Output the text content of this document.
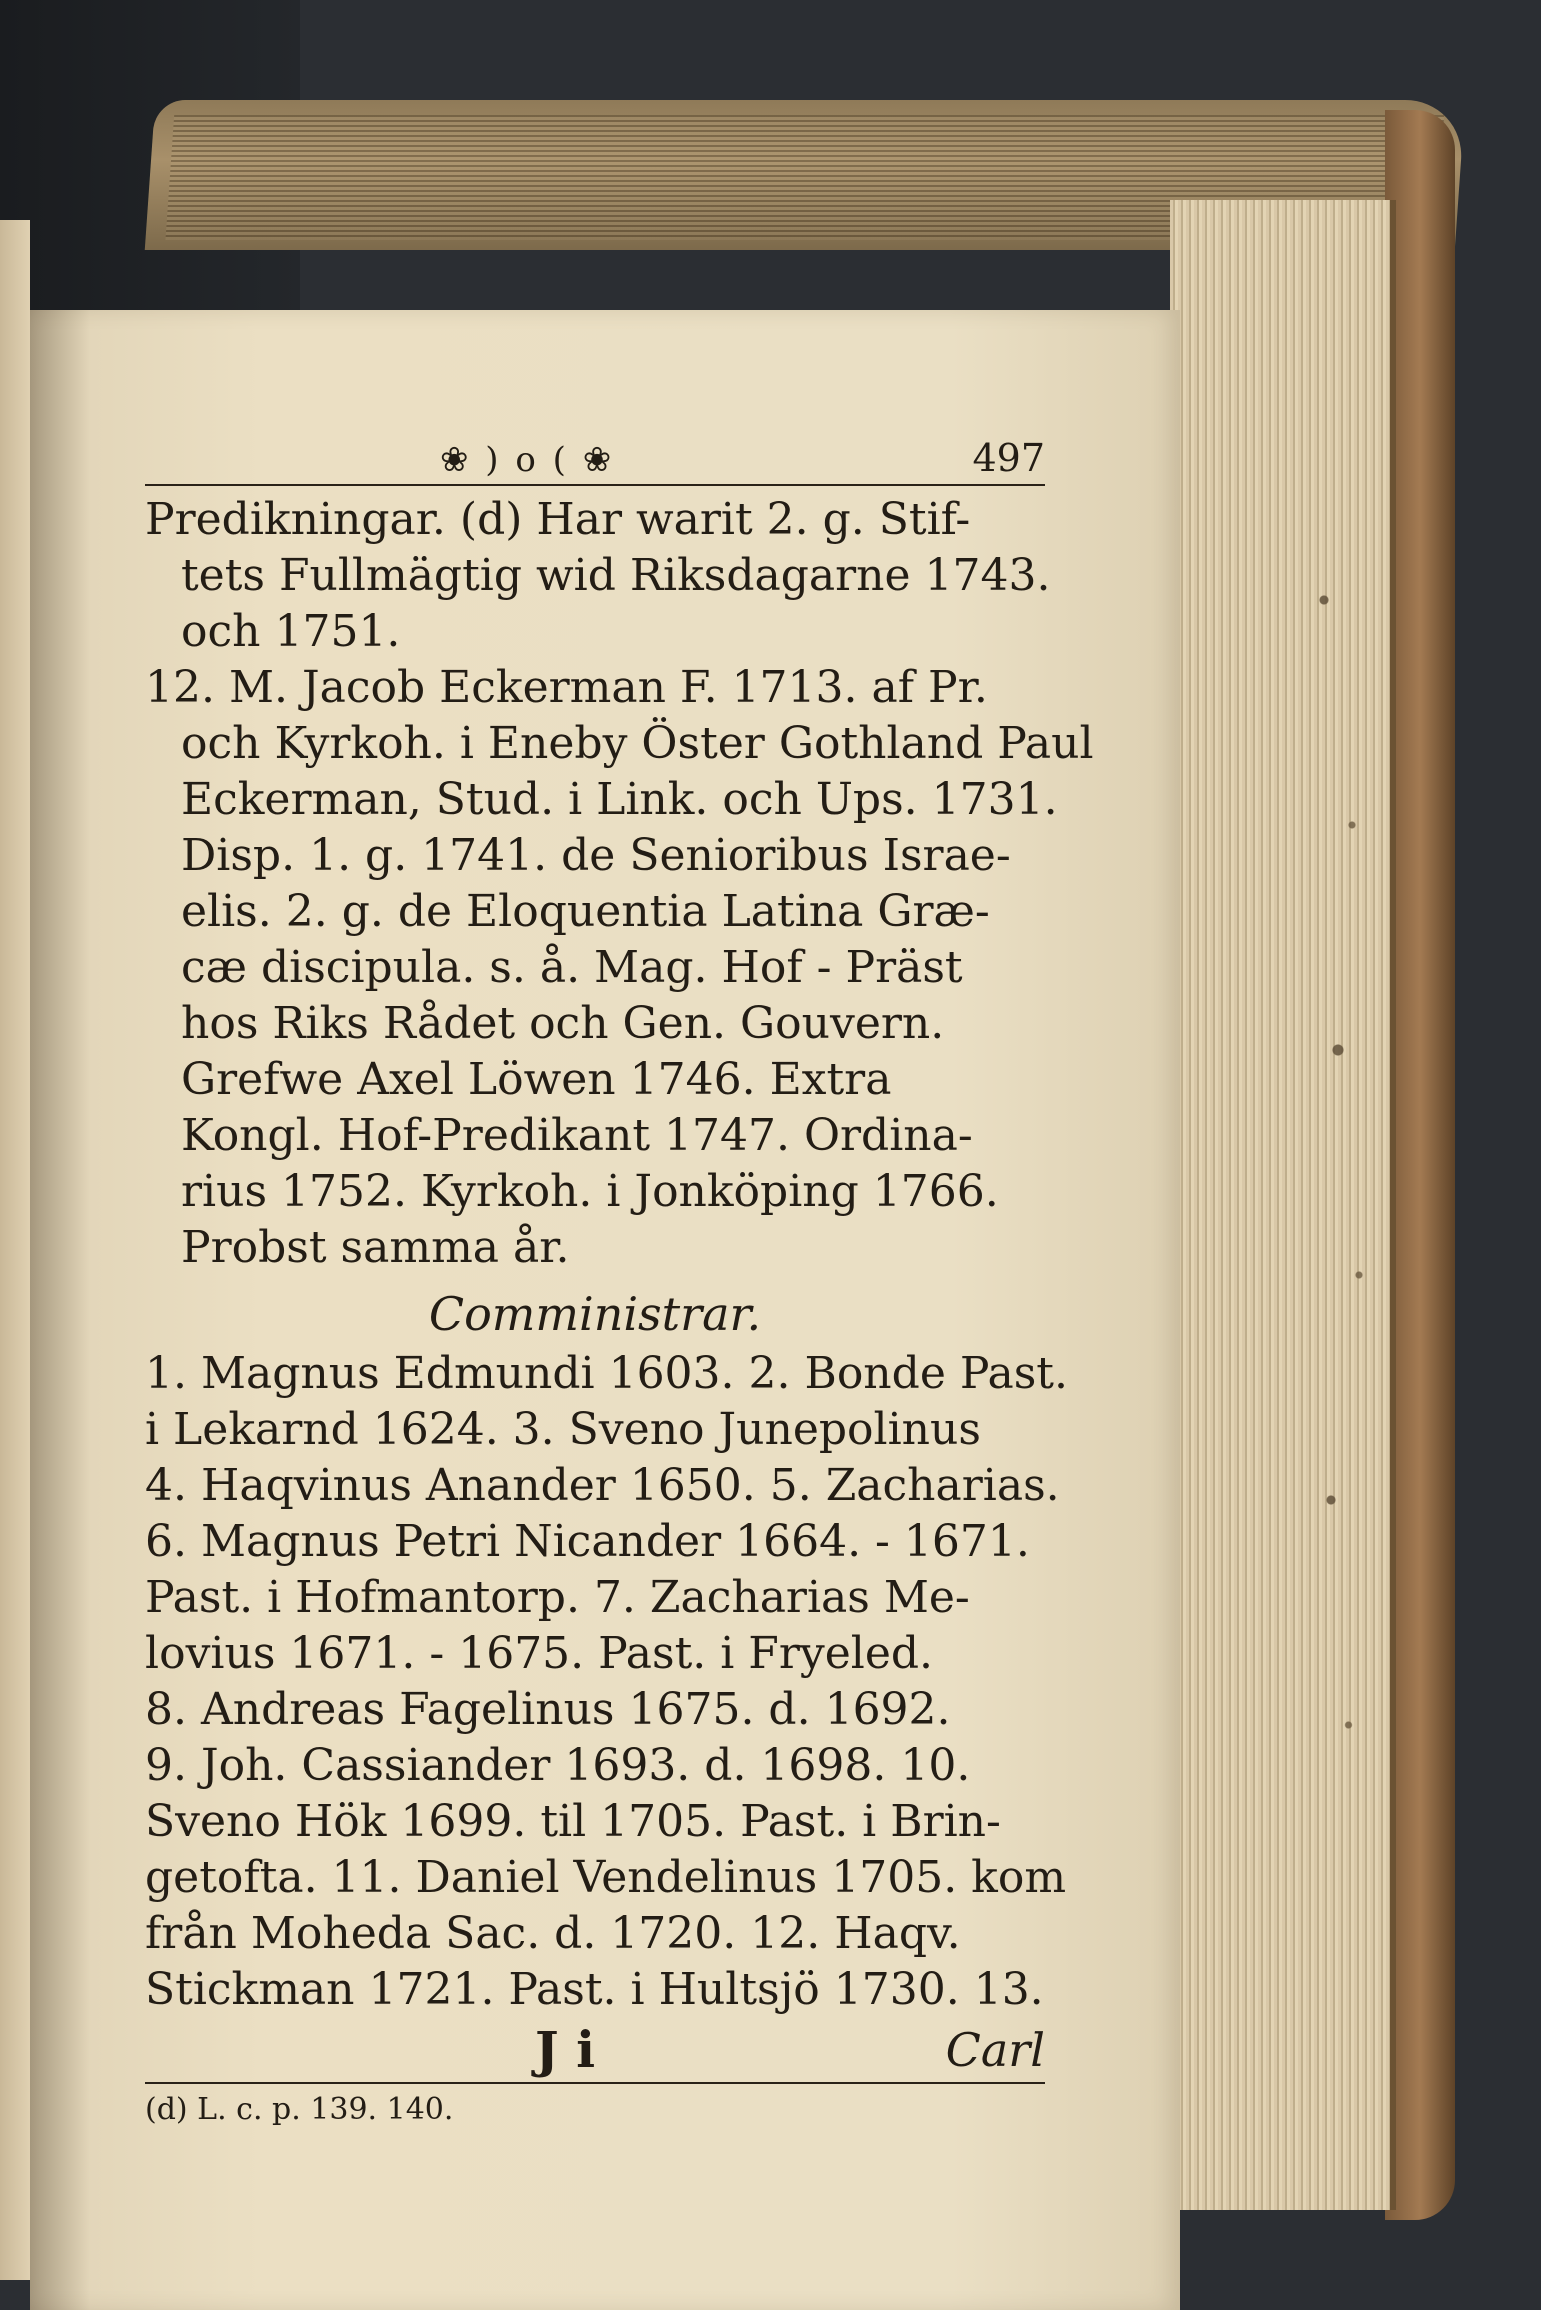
❀ ) o ( ❀	497
Predikningar. (d) Har warit 2. g. Stif-
tets Fullmägtig wid Riksdagarne 1743.
och 1751.
12. M. Jacob Eckerman F. 1713. af Pr.
och Kyrkoh. i Eneby Öster Gothland Paul
Eckerman, Stud. i Link. och Ups. 1731.
Disp. 1. g. 1741. de Senioribus Israe-
elis. 2. g. de Eloquentia Latina Græ-
cæ discipula. s. å. Mag. Hof - Präst
hos Riks Rådet och Gen. Gouvern.
Grefwe Axel Löwen 1746. Extra
Kongl. Hof-Predikant 1747. Ordina-
rius 1752. Kyrkoh. i Jonköping 1766.
Probst samma år.
Comministrar.
1. Magnus Edmundi 1603. 2. Bonde Past.
i Lekarnd 1624. 3. Sveno Junepolinus
4. Haqvinus Anander 1650. 5. Zacharias.
6. Magnus Petri Nicander 1664. - 1671.
Past. i Hofmantorp. 7. Zacharias Me-
lovius 1671. - 1675. Past. i Fryeled.
8. Andreas Fagelinus 1675. d. 1692.
9. Joh. Cassiander 1693. d. 1698. 10.
Sveno Hök 1699. til 1705. Past. i Brin-
getofta. 11. Daniel Vendelinus 1705. kom
från Moheda Sac. d. 1720. 12. Haqv.
Stickman 1721. Past. i Hultsjö 1730. 13.
J i	Carl
(d) L. c. p. 139. 140.
